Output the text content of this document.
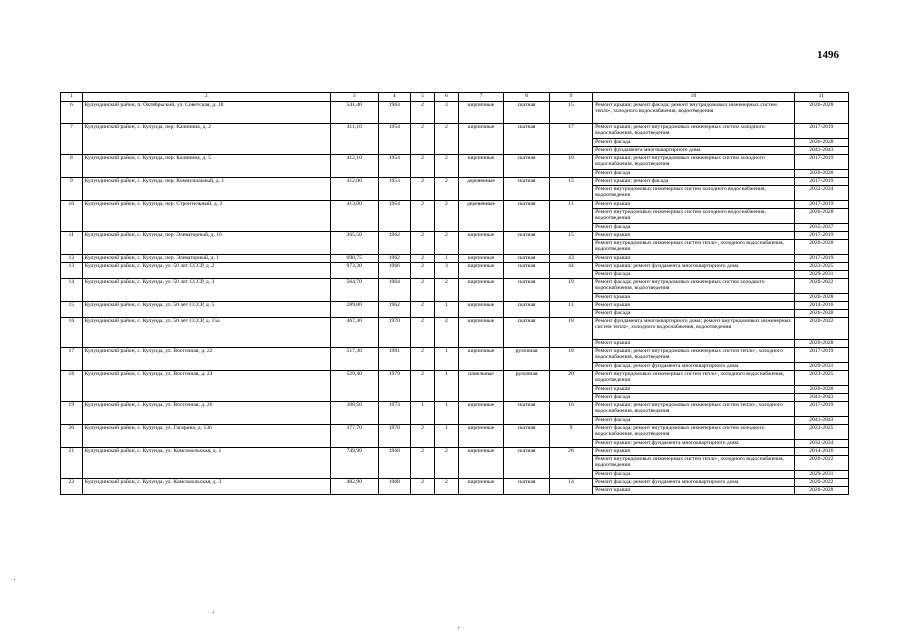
1496
1	2	3	4	5	6	7	8	9	10	11
6	Кулундинский район, п. Октябрьский, ул. Советская, д. 18	541,40	1963	2	3	кирпичные	скатная	15	Ремонт крыши; ремонт фасада; ремонт внутридомовых инженерных систем тепло-, холодного водоснабжения, водоотведения	2026-2028
7	Кулундинский район, с. Кулунда, пер. Калинина, д. 2	411,10	1954	2	2	кирпичные	скатная	17	Ремонт крыши; ремонт внутридомовых инженерных систем холодного водоснабжения, водоотведения	2017-2019
									Ремонт фасада	2026-2028
									Ремонт фундамента многоквартирного дома	2041-2043
8	Кулундинский район, с. Кулунда, пер. Калинина, д. 5	412,10	1954	2	2	кирпичные	скатная	10	Ремонт крыши; ремонт внутридомовых инженерных систем холодного водоснабжения, водоотведения	2017-2019
									Ремонт фасада	2026-2028
9	Кулундинский район, с. Кулунда, пер. Коммунальный, д. 1	412,00	1953	2	2	деревянные	скатная	15	Ремонт крыши; ремонт фасада	2017-2019
									Ремонт внутридомовых инженерных систем холодного водоснабжения, водоотведения	2032-2034
10	Кулундинский район, с. Кулунда, пер. Строительный, д. 2	413,00	1954	2	2	деревянные	скатная	11	Ремонт крыши	2017-2019
									Ремонт внутридомовых инженерных систем холодного водоснабжения, водоотведения	2026-2028
									Ремонт фасада	2035-2037
11	Кулундинский район, с. Кулунда, пер. Элеваторный, д. 16	365,50	1962	2	2	кирпичные	скатная	15	Ремонт крыши	2017-2019
									Ремонт внутридомовых инженерных систем тепло-, холодного водоснабжения, водоотведения	2026-2028
12	Кулундинский район, с. Кулунда, пер. Элеваторный, д. 1	690,75	1962	2	1	кирпичные	скатная	43	Ремонт крыши	2017-2019
13	Кулундинский район, с. Кулунда, ул. 50 лет СССР, д. 2	973,30	1966	2	3	кирпичные	скатная	44	Ремонт крыши; ремонт фундамента многоквартирного дома	2023-2025
									Ремонт фасада	2029-2031
14	Кулундинский район, с. Кулунда, ул. 50 лет СССР, д. 3	564,70	1964	2	2	кирпичные	скатная	19	Ремонт фасада; ремонт внутридомовых инженерных систем холодного водоснабжения, водоотведения	2020-2022
									Ремонт крыши	2026-2028
15	Кулундинский район, с. Кулунда, ул. 50 лет СССР, д. 5	289,80	1962	2	1	кирпичные	скатная	11	Ремонт крыши	2014-2016
									Ремонт фасада	2026-2028
16	Кулундинский район, с. Кулунда, ул. 50 лет СССР, д. 15а	467,30	1970	2	2	кирпичные	скатная	18	Ремонт фундамента многоквартирного дома; ремонт внутридомовых инженерных систем тепло-, холодного водоснабжения, водоотведения	2020-2022
									Ремонт крыши	2026-2028
17	Кулундинский район, с. Кулунда, ул. Восточная, д. 22	517,30	1981	2	1	кирпичные	рулонная	18	Ремонт крыши; ремонт внутридомовых инженерных систем тепло-, холодного водоснабжения, водоотведения	2017-2019
									Ремонт фасада; ремонт фундамента многоквартирного дома	2029-2031
18	Кулундинский район, с. Кулунда, ул. Восточная, д. 24	529,40	1979	2	1	панельные	рулонная	20	Ремонт внутридомовых инженерных систем тепло-, холодного водоснабжения, водоотведения	2023-2025
									Ремонт крыши	2026-2028
									Ремонт фасада	2041-2043
19	Кулундинский район, с. Кулунда, ул. Восточная, д. 26	308,50	1973	1	1	кирпичные	скатная	16	Ремонт крыши; ремонт внутридомовых инженерных систем тепло-, холодного водоснабжения, водоотведения	2017-2019
									Ремонт фасада	2041-2043
20	Кулундинский район, с. Кулунда, ул. Гагарина, д. 136	377,70	1970	2	1	кирпичные	скатная	9	Ремонт фасада; ремонт внутридомовых инженерных систем холодного водоснабжения, водоотведения	2023-2025
									Ремонт крыши; ремонт фундамента многоквартирного дома	2032-2034
21	Кулундинский район, с. Кулунда, ул. Комсомольская, д. 1	749,90	1968	2	2	кирпичные	скатная	28	Ремонт крыши	2014-2016
									Ремонт внутридомовых инженерных систем тепло-, холодного водоснабжения, водоотведения	2020-2022
									Ремонт фасада	2029-2031
22	Кулундинский район, с. Кулунда, ул. Комсомольская, д. 3	482,90	1968	2	2	кирпичные	скатная	14	Ремонт фасада; ремонт фундамента многоквартирного дома	2020-2022
									Ремонт крыши	2026-2028
